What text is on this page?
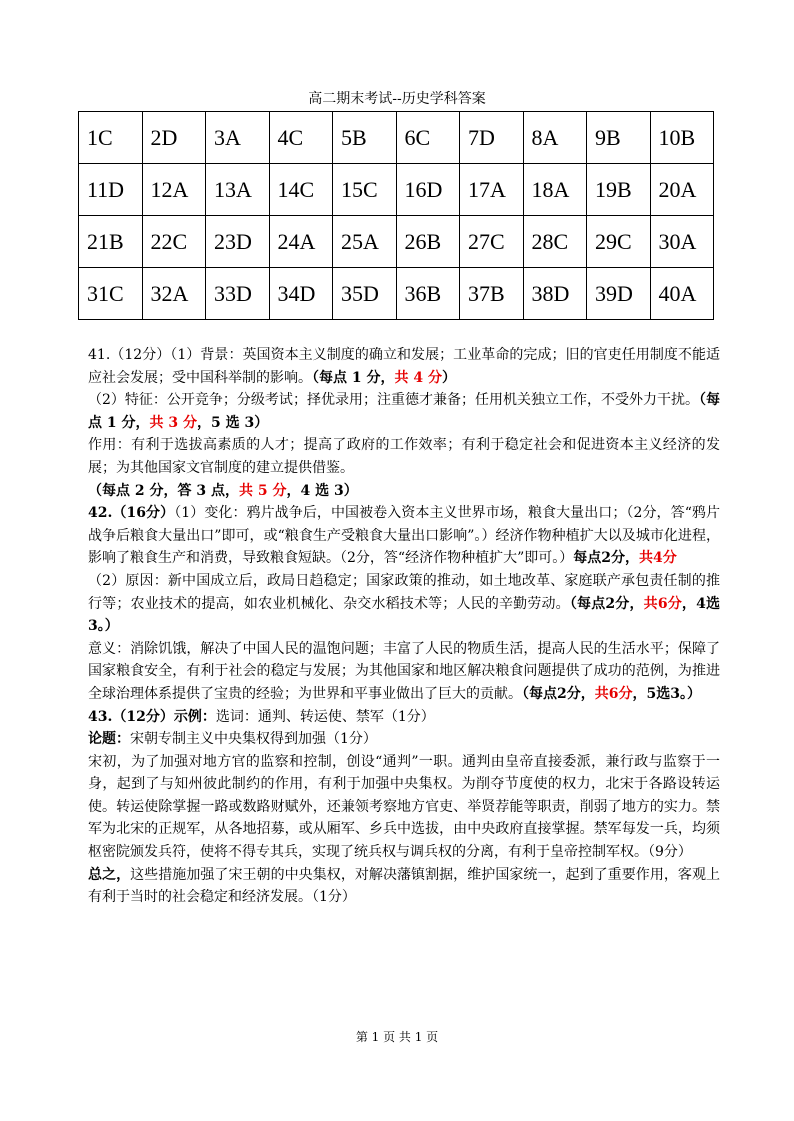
高二期末考试--历史学科答案
1C	2D	3A	4C	5B	6C	7D	8A	9B	10B
11D	12A	13A	14C	15C	16D	17A	18A	19B	20A
21B	22C	23D	24A	25A	26B	27C	28C	29C	30A
31C	32A	33D	34D	35D	36B	37B	38D	39D	40A

41.（12分）（1）背景：英国资本主义制度的确立和发展；工业革命的完成；旧的官吏任用制度不能适应社会发展；受中国科举制的影响。（每点 1 分，共 4 分）

（2）特征：公开竞争；分级考试；择优录用；注重德才兼备；任用机关独立工作，不受外力干扰。（每点 1 分，共 3 分，5 选 3）

作用：有利于选拔高素质的人才；提高了政府的工作效率；有利于稳定社会和促进资本主义经济的发展；为其他国家文官制度的建立提供借鉴。

（每点 2 分，答 3 点，共 5 分，4 选 3）

42.（16分）（1）变化：鸦片战争后，中国被卷入资本主义世界市场，粮食大量出口；（2分，答“鸦片战争后粮食大量出口”即可，或“粮食生产受粮食大量出口影响”。）经济作物种植扩大以及城市化进程，影响了粮食生产和消费，导致粮食短缺。（2分，答“经济作物种植扩大”即可。）每点2分，共4分

（2）原因：新中国成立后，政局日趋稳定；国家政策的推动，如土地改革、家庭联产承包责任制的推行等；农业技术的提高，如农业机械化、杂交水稻技术等；人民的辛勤劳动。（每点2分，共6分，4选3。）

意义：消除饥饿，解决了中国人民的温饱问题；丰富了人民的物质生活，提高人民的生活水平；保障了国家粮食安全，有利于社会的稳定与发展；为其他国家和地区解决粮食问题提供了成功的范例，为推进全球治理体系提供了宝贵的经验；为世界和平事业做出了巨大的贡献。（每点2分，共6分，5选3。）

43.（12分）示例：选词：通判、转运使、禁军（1分）

论题：宋朝专制主义中央集权得到加强（1分）

宋初，为了加强对地方官的监察和控制，创设“通判”一职。通判由皇帝直接委派，兼行政与监察于一身，起到了与知州彼此制约的作用，有利于加强中央集权。为削夺节度使的权力，北宋于各路设转运使。转运使除掌握一路或数路财赋外，还兼领考察地方官吏、举贤荐能等职责，削弱了地方的实力。禁军为北宋的正规军，从各地招募，或从厢军、乡兵中选拔，由中央政府直接掌握。禁军每发一兵，均须枢密院颁发兵符，使将不得专其兵，实现了统兵权与调兵权的分离，有利于皇帝控制军权。（9分）

总之，这些措施加强了宋王朝的中央集权，对解决藩镇割据，维护国家统一，起到了重要作用，客观上有利于当时的社会稳定和经济发展。（1分）

第 1 页 共 1 页
